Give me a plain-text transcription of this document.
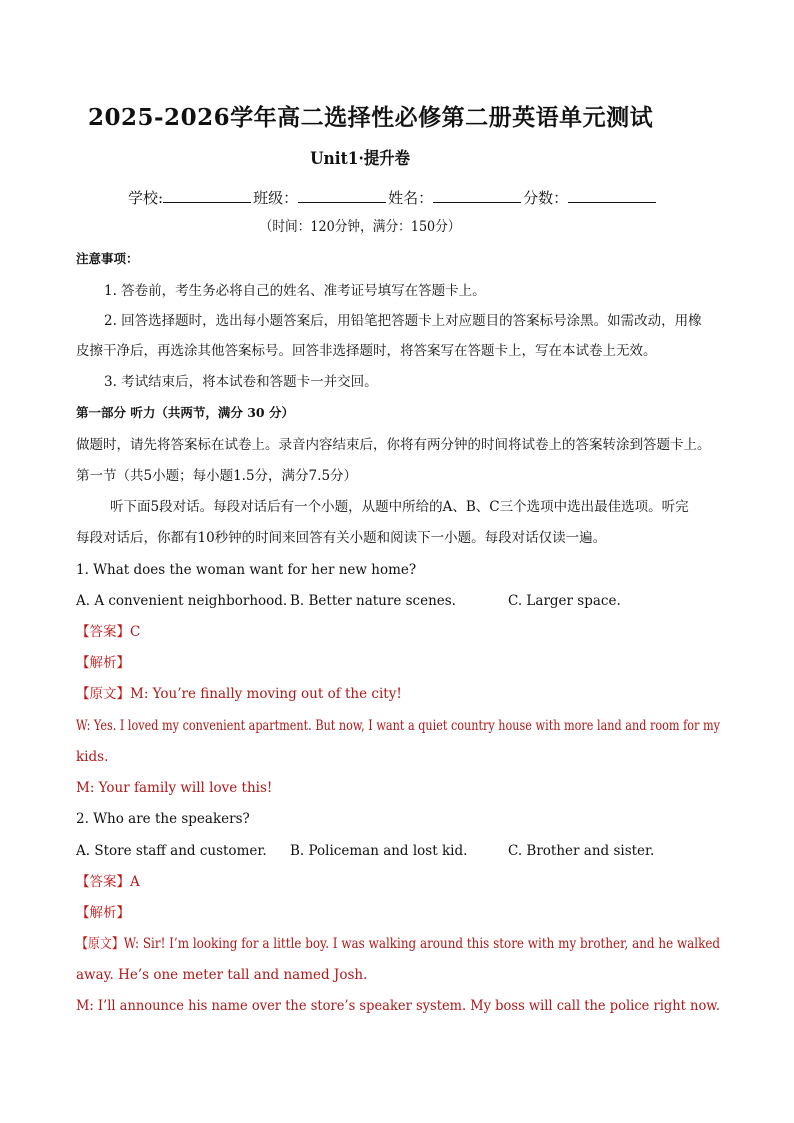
2025-2026学年高二选择性必修第二册英语单元测试
Unit1·提升卷
学校:	班级：	姓名：	分数：
（时间：120分钟，满分：150分）
注意事项：
1. 答卷前，考生务必将自己的姓名、准考证号填写在答题卡上。
2. 回答选择题时，选出每小题答案后，用铅笔把答题卡上对应题目的答案标号涂黑。如需改动，用橡
皮擦干净后，再选涂其他答案标号。回答非选择题时，将答案写在答题卡上，写在本试卷上无效。
3. 考试结束后，将本试卷和答题卡一并交回。
第一部分 听力（共两节，满分 30 分）
做题时，请先将答案标在试卷上。录音内容结束后，你将有两分钟的时间将试卷上的答案转涂到答题卡上。
第一节（共5小题；每小题1.5分，满分7.5分）
听下面5段对话。每段对话后有一个小题，从题中所给的A、B、C三个选项中选出最佳选项。听完
每段对话后，你都有10秒钟的时间来回答有关小题和阅读下一小题。每段对话仅读一遍。
1. What does the woman want for her new home?
A. A convenient neighborhood. B. Better nature scenes.	C. Larger space.
【答案】C
【解析】
【原文】M: You’re finally moving out of the city!
W: Yes. I loved my convenient apartment. But now, I want a quiet country house with more land and room for my
kids.
M: Your family will love this!
2. Who are the speakers?
A. Store staff and customer. B. Policeman and lost kid.	C. Brother and sister.
【答案】A
【解析】
【原文】W: Sir! I’m looking for a little boy. I was walking around this store with my brother, and he walked
away. He’s one meter tall and named Josh.
M: I’ll announce his name over the store’s speaker system. My boss will call the police right now.
